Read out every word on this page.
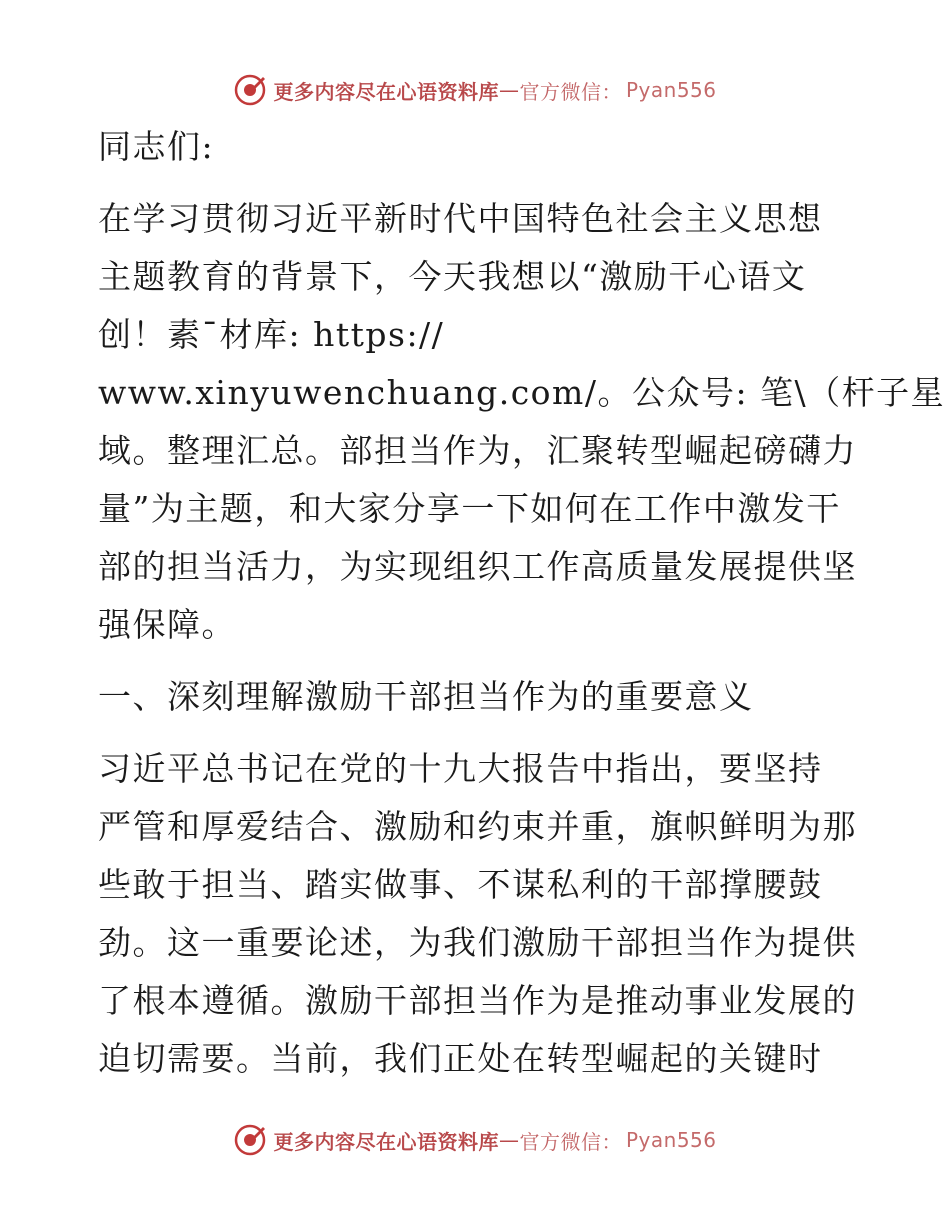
更多内容尽在心语资料库 — 官方微信： Pyan556
同志们:
在学习贯彻习近平新时代中国特色社会主义思想
主题教育的背景下，今天我想以“激励干心语文
创！素¯材库: https://
www.xinyuwenchuang.com/。公众号: 笔\（杆子星
域。整理汇总。部担当作为，汇聚转型崛起磅礴力
量”为主题，和大家分享一下如何在工作中激发干
部的担当活力，为实现组织工作高质量发展提供坚
强保障。
一、深刻理解激励干部担当作为的重要意义
习近平总书记在党的十九大报告中指出，要坚持
严管和厚爱结合、激励和约束并重，旗帜鲜明为那
些敢于担当、踏实做事、不谋私利的干部撑腰鼓
劲。这一重要论述，为我们激励干部担当作为提供
了根本遵循。激励干部担当作为是推动事业发展的
迫切需要。当前，我们正处在转型崛起的关键时
更多内容尽在心语资料库 — 官方微信： Pyan556
